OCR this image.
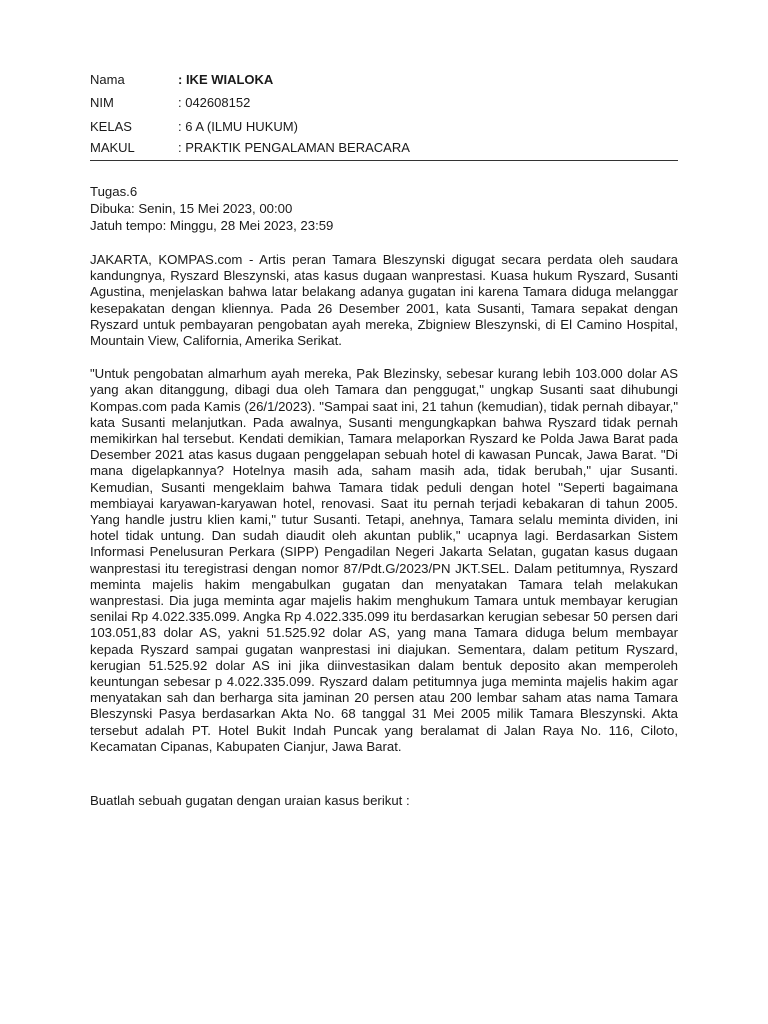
Nama	: IKE WIALOKA
NIM	: 042608152
KELAS	: 6 A (ILMU HUKUM)
MAKUL	: PRAKTIK PENGALAMAN BERACARA
Tugas.6
Dibuka: Senin, 15 Mei 2023, 00:00
Jatuh tempo: Minggu, 28 Mei 2023, 23:59
JAKARTA, KOMPAS.com - Artis peran Tamara Bleszynski digugat secara perdata oleh saudara kandungnya, Ryszard Bleszynski, atas kasus dugaan wanprestasi. Kuasa hukum Ryszard, Susanti Agustina, menjelaskan bahwa latar belakang adanya gugatan ini karena Tamara diduga melanggar kesepakatan dengan kliennya. Pada 26 Desember 2001, kata Susanti, Tamara sepakat dengan Ryszard untuk pembayaran pengobatan ayah mereka, Zbigniew Bleszynski, di El Camino Hospital, Mountain View, California, Amerika Serikat.
"Untuk pengobatan almarhum ayah mereka, Pak Blezinsky, sebesar kurang lebih 103.000 dolar AS yang akan ditanggung, dibagi dua oleh Tamara dan penggugat," ungkap Susanti saat dihubungi Kompas.com pada Kamis (26/1/2023). "Sampai saat ini, 21 tahun (kemudian), tidak pernah dibayar," kata Susanti melanjutkan. Pada awalnya, Susanti mengungkapkan bahwa Ryszard tidak pernah memikirkan hal tersebut. Kendati demikian, Tamara melaporkan Ryszard ke Polda Jawa Barat pada Desember 2021 atas kasus dugaan penggelapan sebuah hotel di kawasan Puncak, Jawa Barat. "Di mana digelapkannya? Hotelnya masih ada, saham masih ada, tidak berubah," ujar Susanti. Kemudian, Susanti mengeklaim bahwa Tamara tidak peduli dengan hotel "Seperti bagaimana membiayai karyawan-karyawan hotel, renovasi. Saat itu pernah terjadi kebakaran di tahun 2005. Yang handle justru klien kami," tutur Susanti. Tetapi, anehnya, Tamara selalu meminta dividen, ini hotel tidak untung. Dan sudah diaudit oleh akuntan publik," ucapnya lagi. Berdasarkan Sistem Informasi Penelusuran Perkara (SIPP) Pengadilan Negeri Jakarta Selatan, gugatan kasus dugaan wanprestasi itu teregistrasi dengan nomor 87/Pdt.G/2023/PN JKT.SEL. Dalam petitumnya, Ryszard meminta majelis hakim mengabulkan gugatan dan menyatakan Tamara telah melakukan wanprestasi. Dia juga meminta agar majelis hakim menghukum Tamara untuk membayar kerugian senilai Rp 4.022.335.099. Angka Rp 4.022.335.099 itu berdasarkan kerugian sebesar 50 persen dari 103.051,83 dolar AS, yakni 51.525.92 dolar AS, yang mana Tamara diduga belum membayar kepada Ryszard sampai gugatan wanprestasi ini diajukan. Sementara, dalam petitum Ryszard, kerugian 51.525.92 dolar AS ini jika diinvestasikan dalam bentuk deposito akan memperoleh keuntungan sebesar p 4.022.335.099. Ryszard dalam petitumnya juga meminta majelis hakim agar menyatakan sah dan berharga sita jaminan 20 persen atau 200 lembar saham atas nama Tamara Bleszynski Pasya berdasarkan Akta No. 68 tanggal 31 Mei 2005 milik Tamara Bleszynski. Akta tersebut adalah PT. Hotel Bukit Indah Puncak yang beralamat di Jalan Raya No. 116, Ciloto, Kecamatan Cipanas, Kabupaten Cianjur, Jawa Barat.
Buatlah sebuah gugatan dengan uraian kasus berikut :
